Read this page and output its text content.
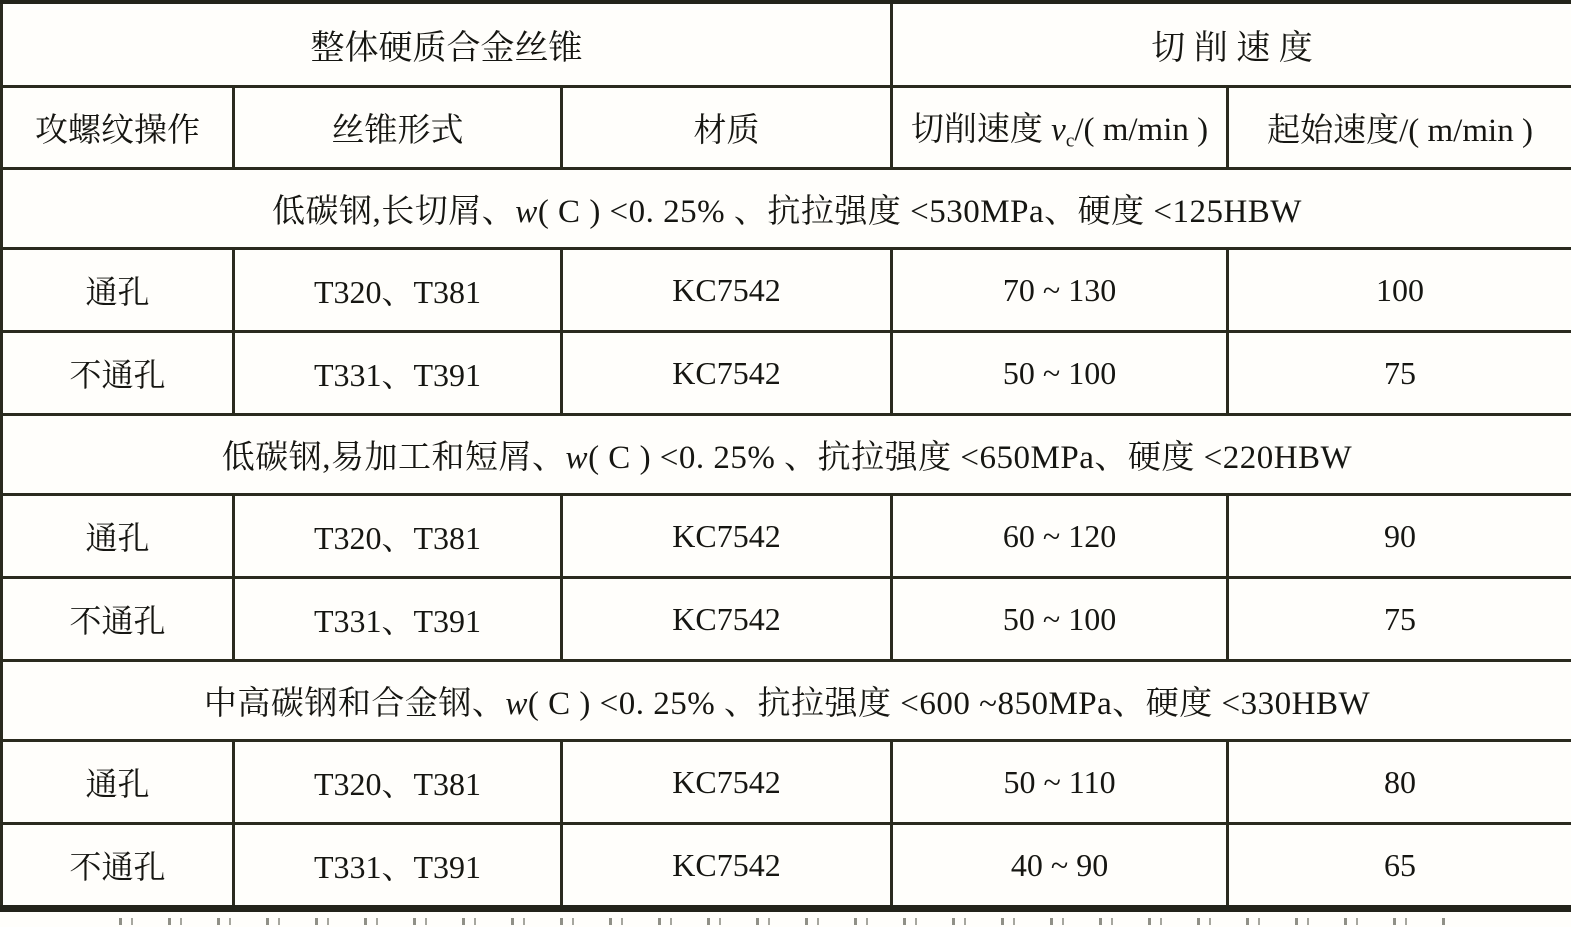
整体硬质合金丝锥			切 削 速 度	
攻螺纹操作	丝锥形式	材质	切削速度 $v_c/$( m/min )	起始速度/( m/min )
低碳钢,长切屑、w( C ) <0. 25% 、抗拉强度 <530MPa、硬度 <125HBW				
通孔	T320、T381	KC7542	70 ~ 130	100
不通孔	T331、T391	KC7542	50 ~ 100	75
低碳钢,易加工和短屑、w( C ) <0. 25% 、抗拉强度 <650MPa、硬度 <220HBW				
通孔	T320、T381	KC7542	60 ~ 120	90
不通孔	T331、T391	KC7542	50 ~ 100	75
中高碳钢和合金钢、w( C ) <0. 25% 、抗拉强度 <600 ~850MPa、硬度 <330HBW				
通孔	T320、T381	KC7542	50 ~ 110	80
不通孔	T331、T391	KC7542	40 ~ 90	65
